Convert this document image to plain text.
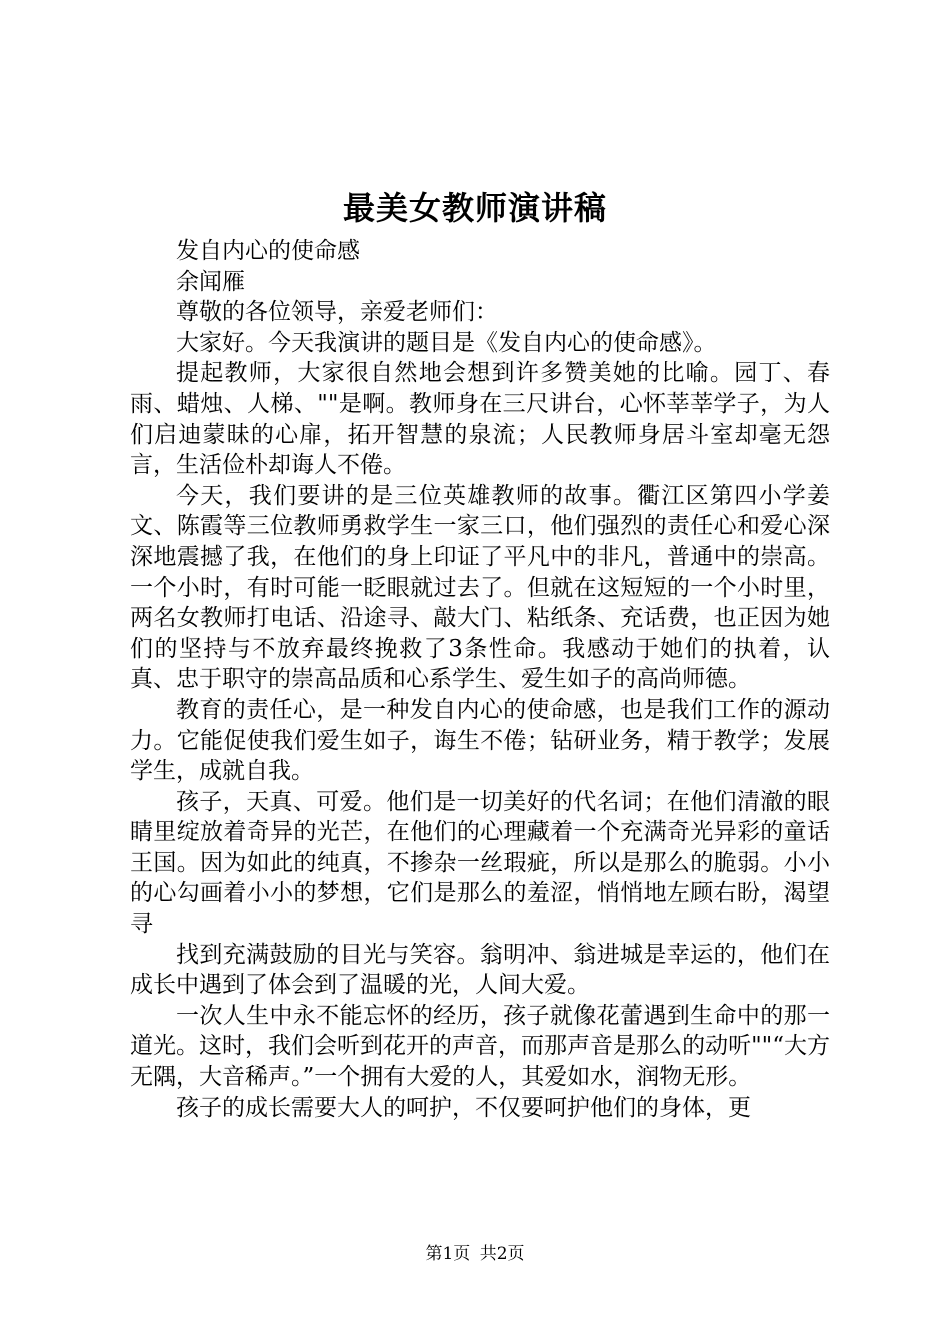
最美女教师演讲稿

发自内心的使命感

余闻雁

尊敬的各位领导，亲爱老师们：

大家好。今天我演讲的题目是《发自内心的使命感》。

提起教师，大家很自然地会想到许多赞美她的比喻。园丁、春雨、蜡烛、人梯、""是啊。教师身在三尺讲台，心怀莘莘学子，为人们启迪蒙昧的心扉，拓开智慧的泉流；人民教师身居斗室却毫无怨言，生活俭朴却诲人不倦。

今天，我们要讲的是三位英雄教师的故事。衢江区第四小学姜文、陈霞等三位教师勇救学生一家三口，他们强烈的责任心和爱心深深地震撼了我，在他们的身上印证了平凡中的非凡，普通中的崇高。一个小时，有时可能一眨眼就过去了。但就在这短短的一个小时里，两名女教师打电话、沿途寻、敲大门、粘纸条、充话费，也正因为她们的坚持与不放弃最终挽救了3条性命。我感动于她们的执着，认真、忠于职守的崇高品质和心系学生、爱生如子的高尚师德。

教育的责任心，是一种发自内心的使命感，也是我们工作的源动力。它能促使我们爱生如子，诲生不倦；钻研业务，精于教学；发展学生，成就自我。

孩子，天真、可爱。他们是一切美好的代名词；在他们清澈的眼睛里绽放着奇异的光芒，在他们的心理藏着一个充满奇光异彩的童话王国。因为如此的纯真，不掺杂一丝瑕疵，所以是那么的脆弱。小小的心勾画着小小的梦想，它们是那么的羞涩，悄悄地左顾右盼，渴望寻

找到充满鼓励的目光与笑容。翁明冲、翁进城是幸运的，他们在成长中遇到了体会到了温暖的光，人间大爱。

一次人生中永不能忘怀的经历，孩子就像花蕾遇到生命中的那一道光。这时，我们会听到花开的声音，而那声音是那么的动听""“大方无隅，大音稀声。”一个拥有大爱的人，其爱如水，润物无形。

孩子的成长需要大人的呵护，不仅要呵护他们的身体，更

第1页 共2页
